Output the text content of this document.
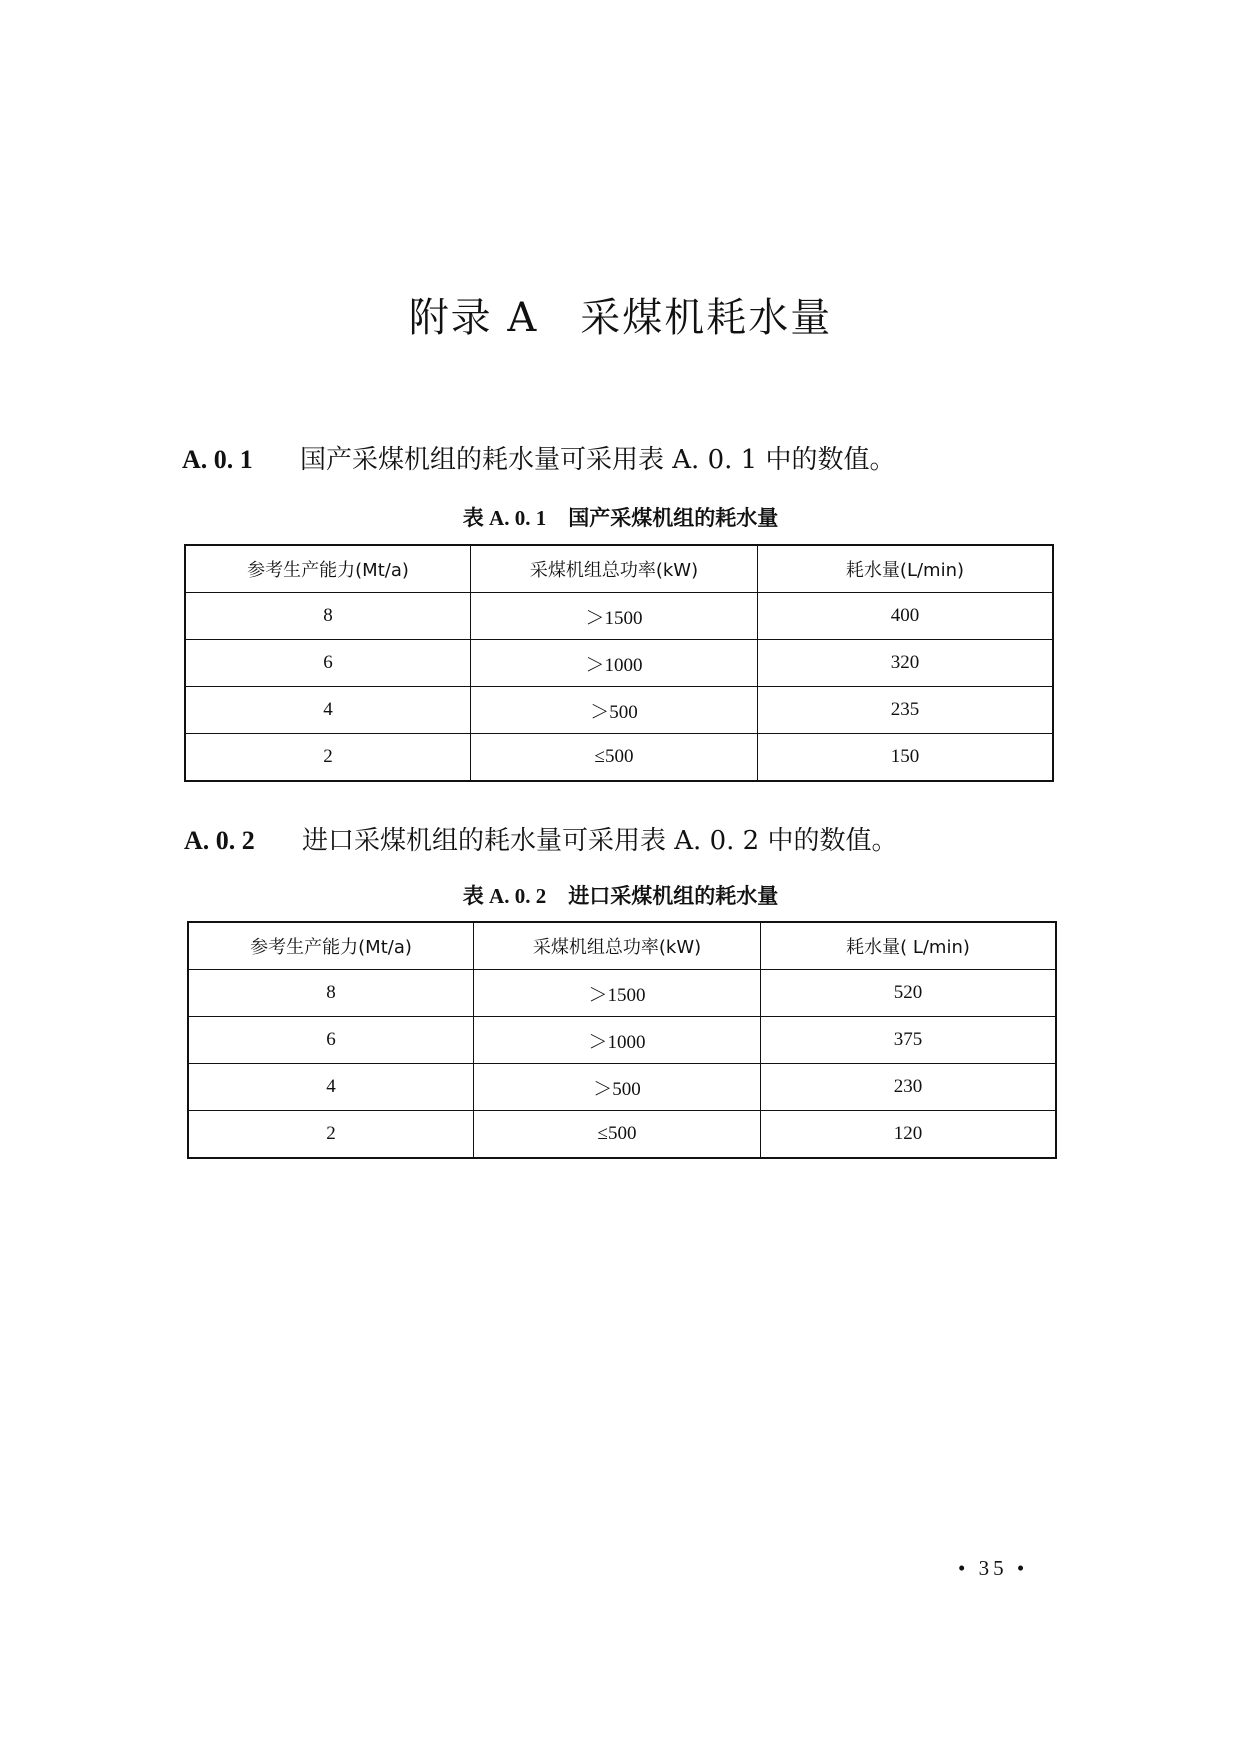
附录 A　采煤机耗水量
A. 0. 1 国产采煤机组的耗水量可采用表 A. 0. 1 中的数值。
表 A. 0. 1 国产采煤机组的耗水量
参考生产能力(Mt/a)	采煤机组总功率(kW)	耗水量(L/min)
8	＞1500	400
6	＞1000	320
4	＞500	235
2	≤500	150
A. 0. 2 进口采煤机组的耗水量可采用表 A. 0. 2 中的数值。
表 A. 0. 2 进口采煤机组的耗水量
参考生产能力(Mt/a)	采煤机组总功率(kW)	耗水量( L/min)
8	＞1500	520
6	＞1000	375
4	＞500	230
2	≤500	120
• 35 •
